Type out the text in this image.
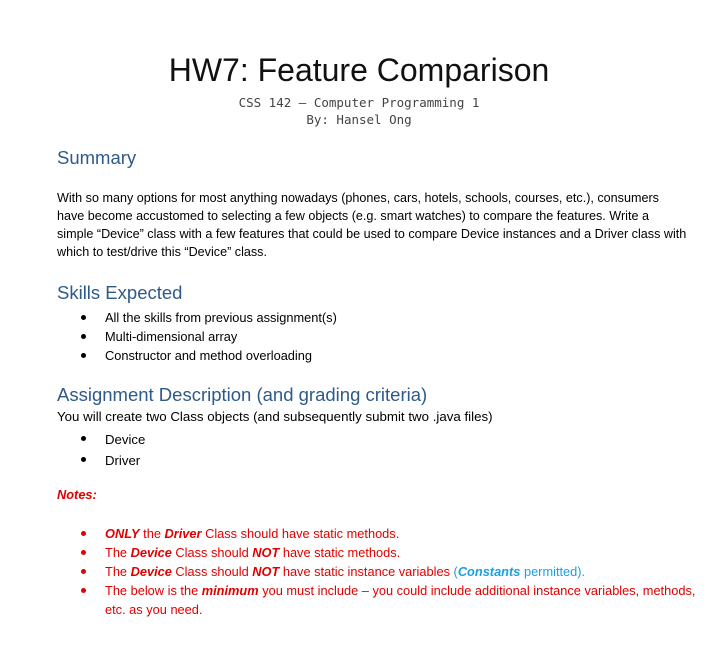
HW7: Feature Comparison
CSS 142 – Computer Programming 1
By: Hansel Ong
Summary
With so many options for most anything nowadays (phones, cars, hotels, schools, courses, etc.), consumers have become accustomed to selecting a few objects (e.g. smart watches) to compare the features. Write a simple “Device” class with a few features that could be used to compare Device instances and a Driver class with which to test/drive this “Device” class.
Skills Expected
All the skills from previous assignment(s)
Multi-dimensional array
Constructor and method overloading
Assignment Description (and grading criteria)
You will create two Class objects (and subsequently submit two .java files)
Device
Driver
Notes:
ONLY the Driver Class should have static methods.
The Device Class should NOT have static methods.
The Device Class should NOT have static instance variables (Constants permitted).
The below is the minimum you must include – you could include additional instance variables, methods, etc. as you need.
